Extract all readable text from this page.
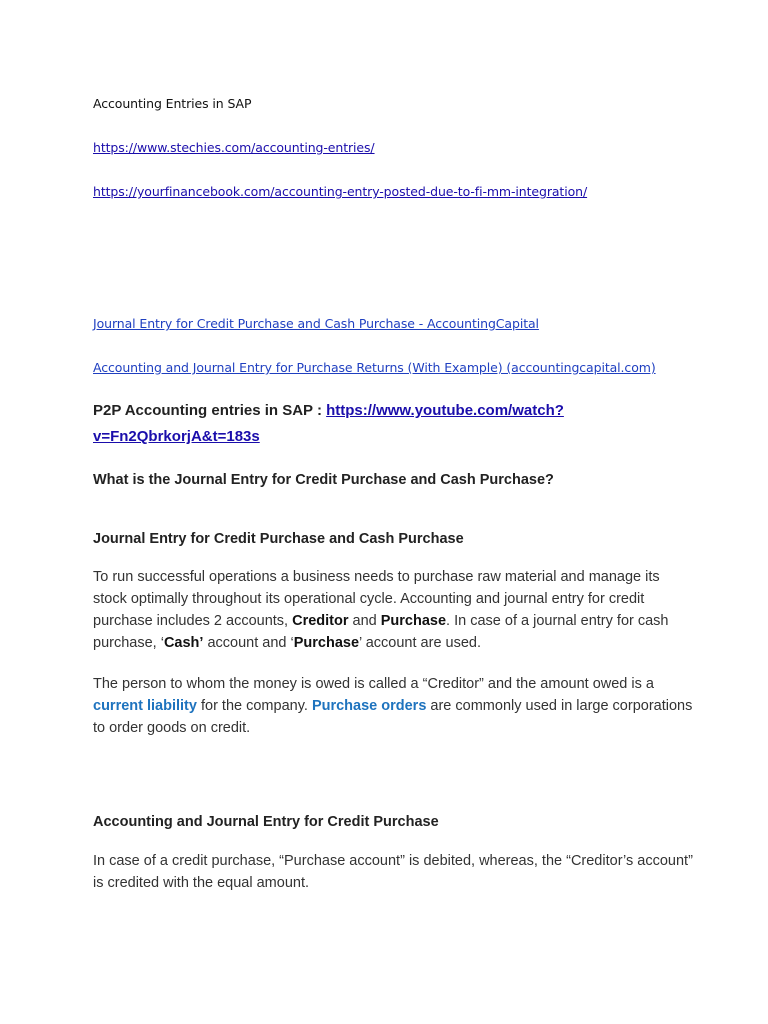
Accounting Entries in SAP
https://www.stechies.com/accounting-entries/
https://yourfinancebook.com/accounting-entry-posted-due-to-fi-mm-integration/
Journal Entry for Credit Purchase and Cash Purchase - AccountingCapital
Accounting and Journal Entry for Purchase Returns (With Example) (accountingcapital.com)
P2P Accounting entries in SAP : https://www.youtube.com/watch?
v=Fn2QbrkorjA&t=183s
What is the Journal Entry for Credit Purchase and Cash Purchase?
Journal Entry for Credit Purchase and Cash Purchase
To run successful operations a business needs to purchase raw material and manage its stock optimally throughout its operational cycle. Accounting and journal entry for credit purchase includes 2 accounts, Creditor and Purchase. In case of a journal entry for cash purchase, ‘Cash’ account and ‘Purchase’ account are used.
The person to whom the money is owed is called a “Creditor” and the amount owed is a current liability for the company. Purchase orders are commonly used in large corporations to order goods on credit.
Accounting and Journal Entry for Credit Purchase
In case of a credit purchase, “Purchase account” is debited, whereas, the “Creditor’s account” is credited with the equal amount.
